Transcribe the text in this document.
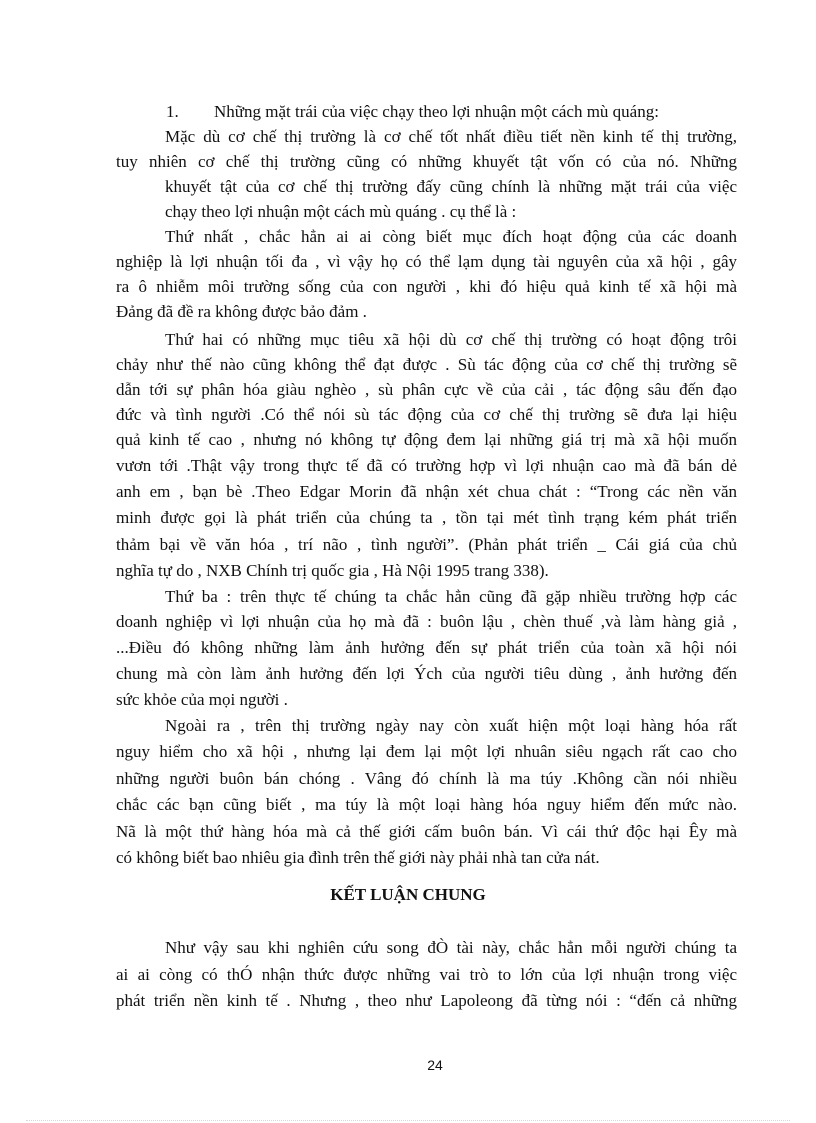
1. Những mặt trái của việc chạy theo lợi nhuận một cách mù quáng:
Mặc dù cơ chế thị trường là cơ chế tốt nhất điều tiết nền kinh tế thị trường,
tuy nhiên cơ chế thị trường cũng có những khuyết tật vốn có của nó. Những
khuyết tật của cơ chế thị trường đấy cũng chính là những mặt trái của việc
chạy theo lợi nhuận một cách mù quáng . cụ thể là :
Thứ nhất , chắc hẳn ai ai còng biết mục đích hoạt động của các doanh
nghiệp là lợi nhuận tối đa , vì vậy họ có thể lạm dụng tài nguyên của xã hội , gây
ra ô nhiễm môi trường sống của con người , khi đó hiệu quả kinh tế xã hội mà
Đảng đã đề ra không được bảo đảm .
Thứ hai có những mục tiêu xã hội dù cơ chế thị trường có hoạt động trôi
chảy như thế nào cũng không thể đạt được . Sù tác động của cơ chế thị trường sẽ
dẫn tới sự phân hóa giàu nghèo , sù phân cực về của cải , tác động sâu đến đạo
đức và tình người .Có thể nói sù tác động của cơ chế thị trường sẽ đưa lại hiệu
quả kinh tế cao , nhưng nó không tự động đem lại những giá trị mà xã hội muốn
vươn tới .Thật vậy trong thực tế đã có trường hợp vì lợi nhuận cao mà đã bán dẻ
anh em , bạn bè .Theo Edgar Morin đã nhận xét chua chát : “Trong các nền văn
minh được gọi là phát triển của chúng ta , tồn tại mét tình trạng kém phát triển
thảm bại về văn hóa , trí não , tình người”. (Phản phát triển _ Cái giá của chủ
nghĩa tự do , NXB Chính trị quốc gia , Hà Nội 1995 trang 338).
Thứ ba : trên thực tế chúng ta chắc hẳn cũng đã gặp nhiều trường hợp các
doanh nghiệp vì lợi nhuận của họ mà đã : buôn lậu , chèn thuế ,và làm hàng giả ,
...Điều đó không những làm ảnh hưởng đến sự phát triển của toàn xã hội nói
chung mà còn làm ảnh hưởng đến lợi Ých của người tiêu dùng , ảnh hưởng đến
sức khỏe của mọi người .
Ngoài ra , trên thị trường ngày nay còn xuất hiện một loại hàng hóa rất
nguy hiểm cho xã hội , nhưng lại đem lại một lợi nhuân siêu ngạch rất cao cho
những người buôn bán chóng . Vâng đó chính là ma túy .Không cần nói nhiều
chắc các bạn cũng biết , ma túy là một loại hàng hóa nguy hiểm đến mức nào.
Nã là một thứ hàng hóa mà cả thế giới cấm buôn bán. Vì cái thứ độc hại Êy mà
có không biết bao nhiêu gia đình trên thế giới này phải nhà tan cửa nát.
KẾT LUẬN CHUNG
Như vậy sau khi nghiên cứu song đÒ tài này, chắc hẳn mỗi người chúng ta
ai ai còng có thÓ nhận thức được những vai trò to lớn của lợi nhuận trong việc
phát triển nền kinh tế . Nhưng , theo như Lapoleong đã từng nói : “đến cả những
24
